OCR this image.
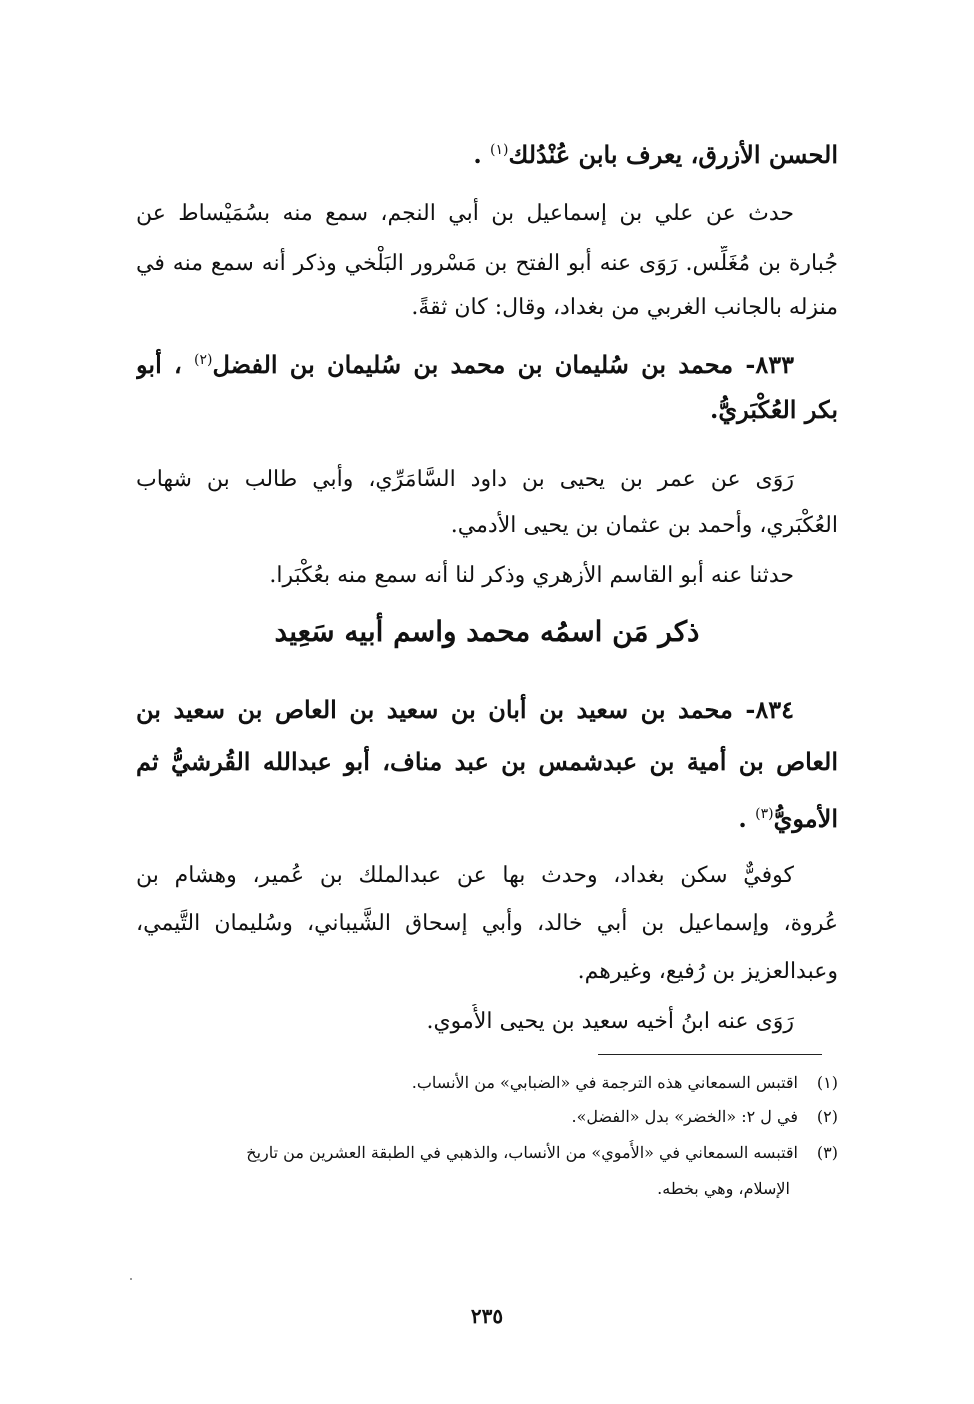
الحسن الأزرق، يعرف بابن عُنْدُلك$^{(١)}$ .
حدث عن علي بن إسماعيل بن أبي النجم، سمع منه بسُمَيْساط عن
جُبارة بن مُغَلِّس. رَوَى عنه أبو الفتح بن مَسْرور البَلْخي وذكر أنه سمع منه في
منزله بالجانب الغربي من بغداد، وقال: كان ثقةً.
٨٣٣- محمد بن سُليمان بن محمد بن سُليمان بن الفضل$^{(٢)}$ ، أبو
بكر العُكْبَريُّ.
رَوَى عن عمر بن يحيى بن داود السَّامَرِّي، وأبي طالب بن شهاب
العُكْبَري، وأحمد بن عثمان بن يحيى الأدمي.
حدثنا عنه أبو القاسم الأزهري وذكر لنا أنه سمع منه بعُكْبَرا.
ذكر مَن اسمُه محمد واسم أبيه سَعِيد
٨٣٤- محمد بن سعيد بن أبان بن سعيد بن العاص بن سعيد بن
العاص بن أمية بن عبدشمس بن عبد مناف، أبو عبدالله القُرشيُّ ثم
الأمويُّ$^{(٣)}$ .
كوفيٌّ سكن بغداد، وحدث بها عن عبدالملك بن عُمير، وهشام بن
عُروة، وإسماعيل بن أبي خالد، وأبي إسحاق الشَّيباني، وسُليمان التَّيمي،
وعبدالعزيز بن رُفيع، وغيرهم.
رَوَى عنه ابنُ أخيه سعيد بن يحيى الأُموي.
(١)اقتبس السمعاني هذه الترجمة في «الضبابي» من الأنساب.
(٢)في ل ٢: «الخضر» بدل «الفضل».
(٣)اقتبسه السمعاني في «الأُموي» من الأنساب، والذهبي في الطبقة العشرين من تاريخ
الإسلام، وهي بخطه.
٢٣٥
